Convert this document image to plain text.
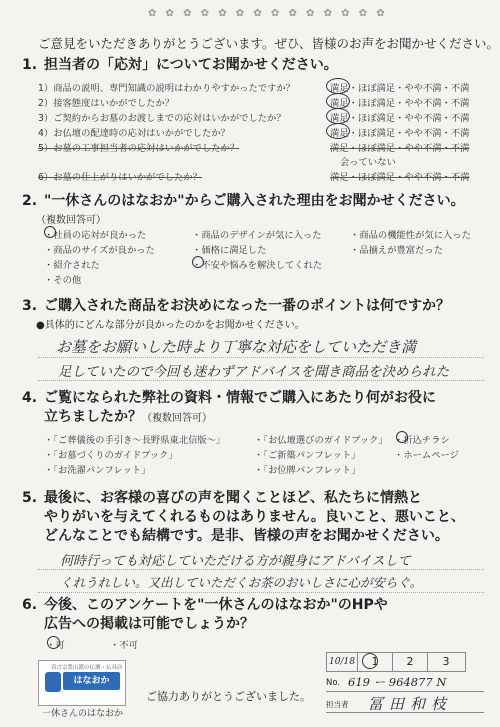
✿ ✿ ✿ ✿ ✿ ✿ ✿ ✿ ✿ ✿ ✿ ✿ ✿ ✿
ご意見をいただきありがとうございます。ぜひ、皆様のお声をお聞かせください。
1. 担当者の「応対」についてお聞かせください。
1）商品の説明、専門知識の説明はわかりやすかったですか？	満足・ほぼ満足・やや不満・不満
2）接客態度はいかがでしたか？	満足・ほぼ満足・やや不満・不満
3）ご契約からお墓のお渡しまでの応対はいかがでしたか？	満足・ほぼ満足・やや不満・不満
4）お仏壇の配達時の応対はいかがでしたか？	満足・ほぼ満足・やや不満・不満
5）お墓の工事担当者の応対はいかがでしたか？	満足・ほぼ満足・やや不満・不満
会っていない
6）お墓の仕上がりはいかがでしたか？	満足・ほぼ満足・やや不満・不満
2. "一休さんのはなおか"からご購入された理由をお聞かせください。
（複数回答可）
・社員の応対が良かった	・商品のデザインが気に入った	・商品の機能性が気に入った
・商品のサイズが良かった	・価格に満足した	・品揃えが豊富だった
・紹介された	・不安や悩みを解決してくれた
・その他
3. ご購入された商品をお決めになった一番のポイントは何ですか？
●具体的にどんな部分が良かったのかをお聞かせください。
お墓をお願いした時より丁寧な対応をしていただき満
足していたので今回も迷わずアドバイスを聞き商品を決められた
4. ご覧になられた弊社の資料・情報でご購入にあたり何がお役に
立ちましたか？（複数回答可）
・「ご葬儀後の手引き～長野県東北信版～」	・「お仏壇選びのガイドブック」 ・折込チラシ
・「お墓づくりのガイドブック」	・「ご新築パンフレット」	・ホームページ
・「お洗濯パンフレット」	・「お位牌パンフレット」
5. 最後に、お客様の喜びの声を聞くことほど、私たちに情熱と
やりがいを与えてくれるものはありません。良いこと、悪いこと、
どんなことでも結構です。是非、皆様の声をお聞かせください。
何時行っても対応していただける方が親身にアドバイスして
くれうれしい。又出していただくお茶のおいしさに心が安らぐ。
6. 今後、このアンケートを"一休さんのはなおか"のHPや
広告への掲載は可能でしょうか？
・可	・不可
真言宗豊山派の仏壇・仏具店
はなおか
一休さんのはなおか
ご協力ありがとうございました。
10/18	1	2	3
No. 619 ー 964877 N
担当者 冨田和枝
